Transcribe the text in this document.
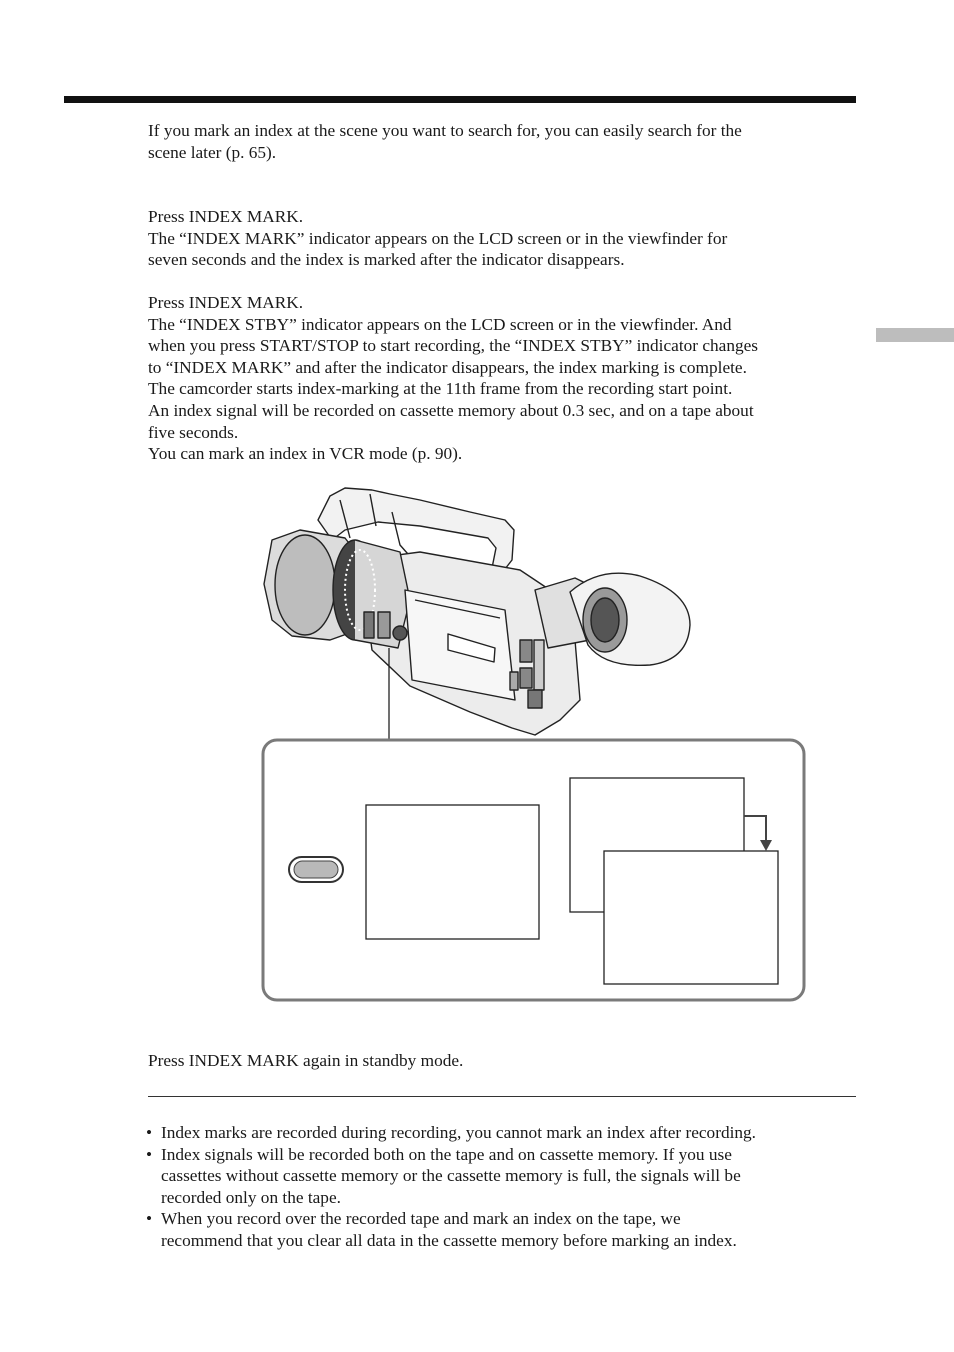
If you mark an index at the scene you want to search for, you can easily search for the

scene later (p. 65).

Press INDEX MARK.

The “INDEX MARK” indicator appears on the LCD screen or in the viewfinder for

seven seconds and the index is marked after the indicator disappears.

Press INDEX MARK.

The “INDEX STBY” indicator appears on the LCD screen or in the viewfinder. And

when you press START/STOP to start recording, the “INDEX STBY” indicator changes

to “INDEX MARK” and after the indicator disappears, the index marking is complete.

The camcorder starts index-marking at the 11th frame from the recording start point.

An index signal will be recorded on cassette memory about 0.3 sec, and on a tape about

five seconds.

You can mark an index in VCR mode (p. 90).

Press INDEX MARK again in standby mode.

• Index marks are recorded during recording, you cannot mark an index after recording.
• Index signals will be recorded both on the tape and on cassette memory. If you use
cassettes without cassette memory or the cassette memory is full, the signals will be
recorded only on the tape.
• When you record over the recorded tape and mark an index on the tape, we
recommend that you clear all data in the cassette memory before marking an index.
